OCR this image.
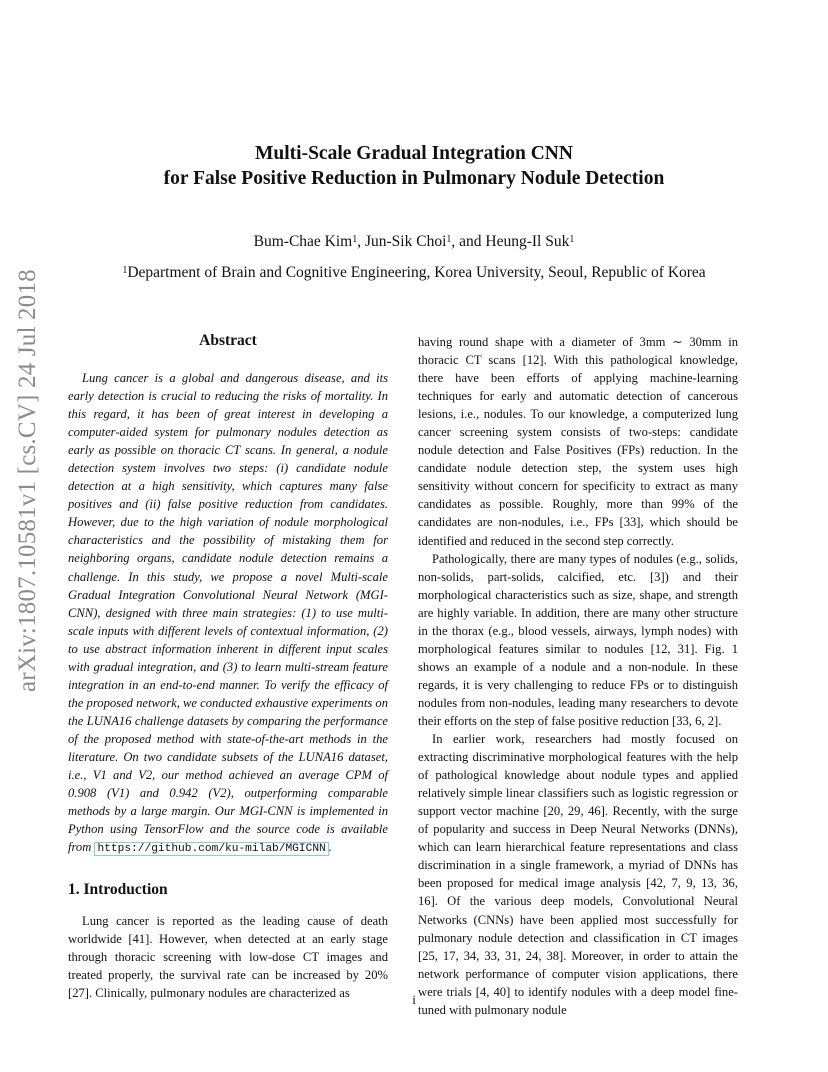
arXiv:1807.10581v1 [cs.CV] 24 Jul 2018
Multi-Scale Gradual Integration CNN
for False Positive Reduction in Pulmonary Nodule Detection
Bum-Chae Kim$^1$, Jun-Sik Choi$^1$, and Heung-Il Suk$^1$
$^1$Department of Brain and Cognitive Engineering, Korea University, Seoul, Republic of Korea
Abstract

Lung cancer is a global and dangerous disease, and its early detection is crucial to reducing the risks of mortality. In this regard, it has been of great interest in developing a computer-aided system for pulmonary nodules detection as early as possible on thoracic CT scans. In general, a nodule detection system involves two steps: (i) candidate nodule detection at a high sensitivity, which captures many false positives and (ii) false positive reduction from candidates. However, due to the high variation of nodule morphological characteristics and the possibility of mistaking them for neighboring organs, candidate nodule detection remains a challenge. In this study, we propose a novel Multi-scale Gradual Integration Convolutional Neural Network (MGI-CNN), designed with three main strategies: (1) to use multi-scale inputs with different levels of contextual information, (2) to use abstract information inherent in different input scales with gradual integration, and (3) to learn multi-stream feature integration in an end-to-end manner. To verify the efficacy of the proposed network, we conducted exhaustive experiments on the LUNA16 challenge datasets by comparing the performance of the proposed method with state-of-the-art methods in the literature. On two candidate subsets of the LUNA16 dataset, i.e., V1 and V2, our method achieved an average CPM of 0.908 (V1) and 0.942 (V2), outperforming comparable methods by a large margin. Our MGI-CNN is implemented in Python using TensorFlow and the source code is available from https://github.com/ku-milab/MGICNN .

1. Introduction

Lung cancer is reported as the leading cause of death worldwide [41]. However, when detected at an early stage through thoracic screening with low-dose CT images and treated properly, the survival rate can be increased by 20% [27]. Clinically, pulmonary nodules are characterized as

having round shape with a diameter of 3mm ∼ 30mm in thoracic CT scans [12]. With this pathological knowledge, there have been efforts of applying machine-learning techniques for early and automatic detection of cancerous lesions, i.e., nodules. To our knowledge, a computerized lung cancer screening system consists of two-steps: candidate nodule detection and False Positives (FPs) reduction. In the candidate nodule detection step, the system uses high sensitivity without concern for specificity to extract as many candidates as possible. Roughly, more than 99% of the candidates are non-nodules, i.e., FPs [33], which should be identified and reduced in the second step correctly.

Pathologically, there are many types of nodules (e.g., solids, non-solids, part-solids, calcified, etc. [3]) and their morphological characteristics such as size, shape, and strength are highly variable. In addition, there are many other structure in the thorax (e.g., blood vessels, airways, lymph nodes) with morphological features similar to nodules [12, 31]. Fig. 1 shows an example of a nodule and a non-nodule. In these regards, it is very challenging to reduce FPs or to distinguish nodules from non-nodules, leading many researchers to devote their efforts on the step of false positive reduction [33, 6, 2].

In earlier work, researchers had mostly focused on extracting discriminative morphological features with the help of pathological knowledge about nodule types and applied relatively simple linear classifiers such as logistic regression or support vector machine [20, 29, 46]. Recently, with the surge of popularity and success in Deep Neural Networks (DNNs), which can learn hierarchical feature representations and class discrimination in a single framework, a myriad of DNNs has been proposed for medical image analysis [42, 7, 9, 13, 36, 16]. Of the various deep models, Convolutional Neural Networks (CNNs) have been applied most successfully for pulmonary nodule detection and classification in CT images [25, 17, 34, 33, 31, 24, 38]. Moreover, in order to attain the network performance of computer vision applications, there were trials [4, 40] to identify nodules with a deep model fine-tuned with pulmonary nodule

i
